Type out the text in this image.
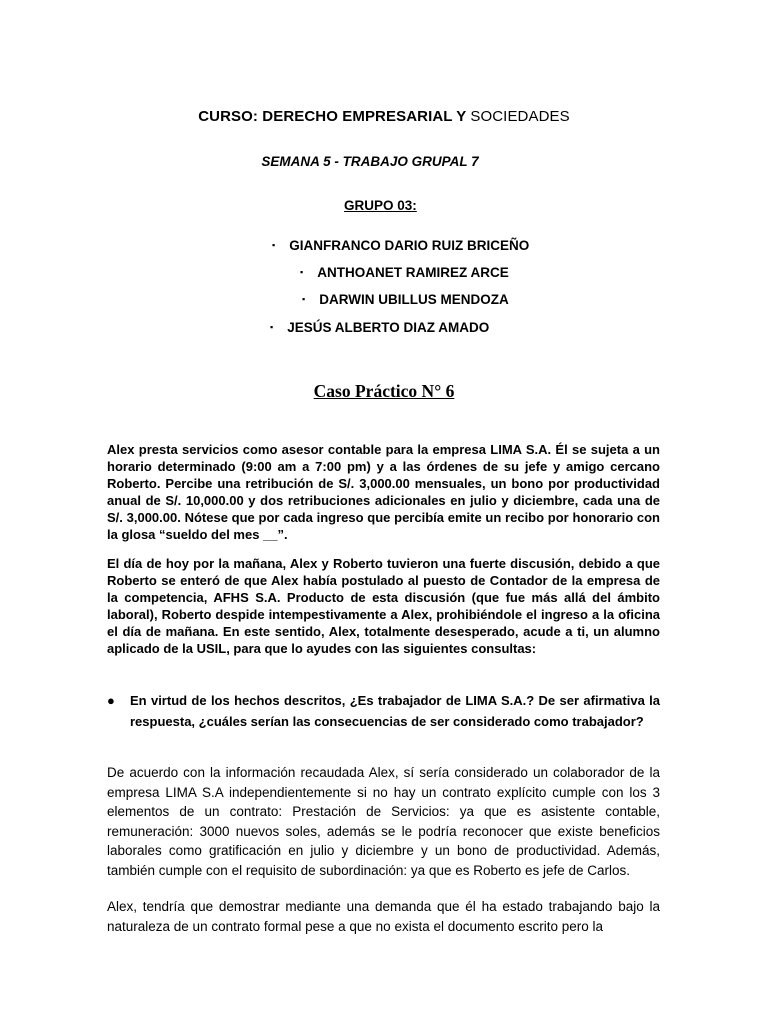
CURSO: DERECHO EMPRESARIAL Y SOCIEDADES
SEMANA 5 - TRABAJO GRUPAL 7
GRUPO 03:
▪ GIANFRANCO DARIO RUIZ BRICEÑO
▪ ANTHOANET RAMIREZ ARCE
▪ DARWIN UBILLUS MENDOZA
▪ JESÚS ALBERTO DIAZ AMADO
Caso Práctico N° 6

Alex presta servicios como asesor contable para la empresa LIMA S.A. Él se sujeta a un horario determinado (9:00 am a 7:00 pm) y a las órdenes de su jefe y amigo cercano Roberto. Percibe una retribución de S/. 3,000.00 mensuales, un bono por productividad anual de S/. 10,000.00 y dos retribuciones adicionales en julio y diciembre, cada una de S/. 3,000.00. Nótese que por cada ingreso que percibía emite un recibo por honorario con la glosa “sueldo del mes __”.

El día de hoy por la mañana, Alex y Roberto tuvieron una fuerte discusión, debido a que Roberto se enteró de que Alex había postulado al puesto de Contador de la empresa de la competencia, AFHS S.A. Producto de esta discusión (que fue más allá del ámbito laboral), Roberto despide intempestivamente a Alex, prohibiéndole el ingreso a la oficina el día de mañana. En este sentido, Alex, totalmente desesperado, acude a ti, un alumno aplicado de la USIL, para que lo ayudes con las siguientes consultas:

● En virtud de los hechos descritos, ¿Es trabajador de LIMA S.A.? De ser afirmativa la respuesta, ¿cuáles serían las consecuencias de ser considerado como trabajador?

De acuerdo con la información recaudada Alex, sí sería considerado un colaborador de la empresa LIMA S.A independientemente si no hay un contrato explícito cumple con los 3 elementos de un contrato: Prestación de Servicios: ya que es asistente contable, remuneración: 3000 nuevos soles, además se le podría reconocer que existe beneficios laborales como gratificación en julio y diciembre y un bono de productividad. Además, también cumple con el requisito de subordinación: ya que es Roberto es jefe de Carlos.

Alex, tendría que demostrar mediante una demanda que él ha estado trabajando bajo la naturaleza de un contrato formal pese a que no exista el documento escrito pero la
